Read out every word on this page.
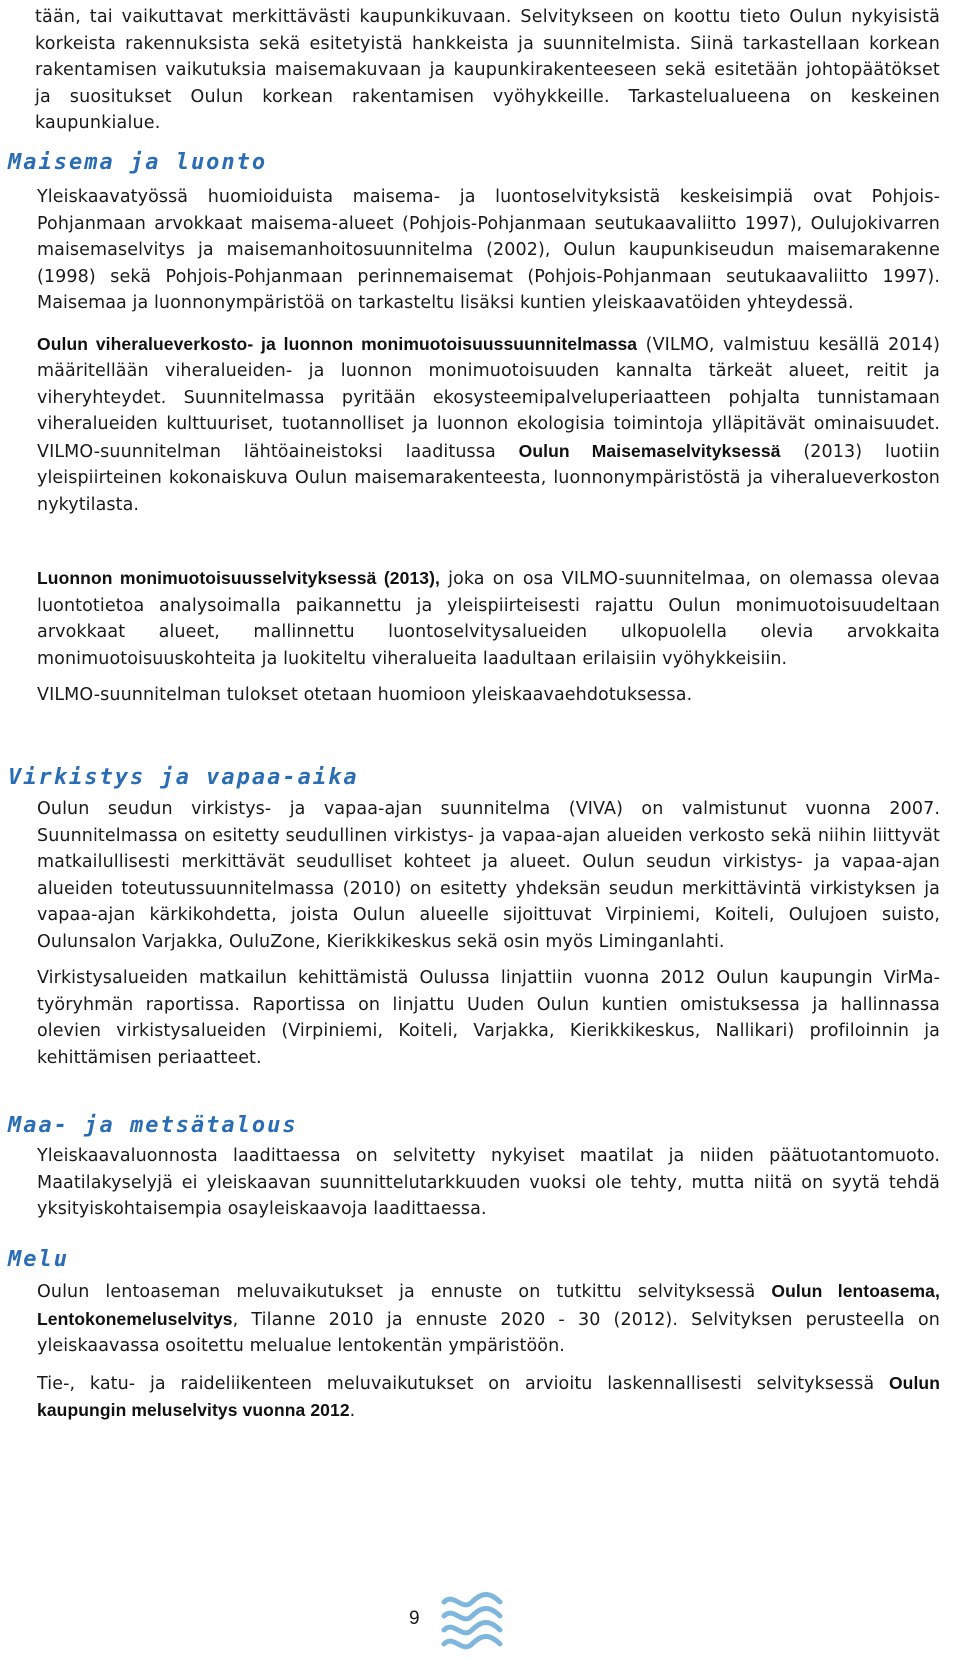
tään, tai vaikuttavat merkittävästi kaupunkikuvaan. Selvitykseen on koottu tieto Oulun nykyisistä korkeista rakennuksista sekä esitetyistä hankkeista ja suunnitelmista. Siinä tarkastellaan korkean rakentamisen vaikutuksia maisemakuvaan ja kaupunkirakenteeseen sekä esitetään johtopäätökset ja suositukset Oulun korkean rakentamisen vyöhykkeille. Tarkastelualueena on keskeinen kaupunkialue.

Maisema ja luonto

Yleiskaavatyössä huomioiduista maisema- ja luontoselvityksistä keskeisimpiä ovat Pohjois-Pohjanmaan arvokkaat maisema-alueet (Pohjois-Pohjanmaan seutukaavaliitto 1997), Oulujokivarren maisemaselvitys ja maisemanhoitosuunnitelma (2002), Oulun kaupunkiseudun maisemarakenne (1998) sekä Pohjois-Pohjanmaan perinnemaisemat (Pohjois-Pohjanmaan seutukaavaliitto 1997). Maisemaa ja luonnonympäristöä on tarkasteltu lisäksi kuntien yleiskaavatöiden yhteydessä.

Oulun viheralueverkosto- ja luonnon monimuotoisuussuunnitelmassa (VILMO, valmistuu kesällä 2014) määritellään viheralueiden- ja luonnon monimuotoisuuden kannalta tärkeät alueet, reitit ja viheryhteydet. Suunnitelmassa pyritään ekosysteemipalveluperiaatteen pohjalta tunnistamaan viheralueiden kulttuuriset, tuotannolliset ja luonnon ekologisia toimintoja ylläpitävät ominaisuudet. VILMO-suunnitelman lähtöaineistoksi laaditussa Oulun Maisemaselvityksessä (2013) luotiin yleispiirteinen kokonaiskuva Oulun maisemarakenteesta, luonnonympäristöstä ja viheralueverkoston nykytilasta.

Luonnon monimuotoisuusselvityksessä (2013), joka on osa VILMO-suunnitelmaa, on olemassa olevaa luontotietoa analysoimalla paikannettu ja yleispiirteisesti rajattu Oulun monimuotoisuudeltaan arvokkaat alueet, mallinnettu luontoselvitysalueiden ulkopuolella olevia arvokkaita monimuotoisuuskohteita ja luokiteltu viheralueita laadultaan erilaisiin vyöhykkeisiin.

VILMO-suunnitelman tulokset otetaan huomioon yleiskaavaehdotuksessa.

Virkistys ja vapaa-aika

Oulun seudun virkistys- ja vapaa-ajan suunnitelma (VIVA) on valmistunut vuonna 2007. Suunnitelmassa on esitetty seudullinen virkistys- ja vapaa-ajan alueiden verkosto sekä niihin liittyvät matkailullisesti merkittävät seudulliset kohteet ja alueet. Oulun seudun virkistys- ja vapaa-ajan alueiden toteutussuunnitelmassa (2010) on esitetty yhdeksän seudun merkittävintä virkistyksen ja vapaa-ajan kärkikohdetta, joista Oulun alueelle sijoittuvat Virpiniemi, Koiteli, Oulujoen suisto, Oulunsalon Varjakka, OuluZone, Kierikkikeskus sekä osin myös Liminganlahti.

Virkistysalueiden matkailun kehittämistä Oulussa linjattiin vuonna 2012 Oulun kaupungin VirMa-työryhmän raportissa. Raportissa on linjattu Uuden Oulun kuntien omistuksessa ja hallinnassa olevien virkistysalueiden (Virpiniemi, Koiteli, Varjakka, Kierikkikeskus, Nallikari) profiloinnin ja kehittämisen periaatteet.

Maa- ja metsätalous

Yleiskaavaluonnosta laadittaessa on selvitetty nykyiset maatilat ja niiden päätuotantomuoto. Maatilakyselyjä ei yleiskaavan suunnittelutarkkuuden vuoksi ole tehty, mutta niitä on syytä tehdä yksityiskohtaisempia osayleiskaavoja laadittaessa.

Melu

Oulun lentoaseman meluvaikutukset ja ennuste on tutkittu selvityksessä Oulun lentoasema, Lentokonemeluselvitys, Tilanne 2010 ja ennuste 2020 - 30 (2012). Selvityksen perusteella on yleiskaavassa osoitettu melualue lentokentän ympäristöön.

Tie-, katu- ja raideliikenteen meluvaikutukset on arvioitu laskennallisesti selvityksessä Oulun kaupungin meluselvitys vuonna 2012.

9
